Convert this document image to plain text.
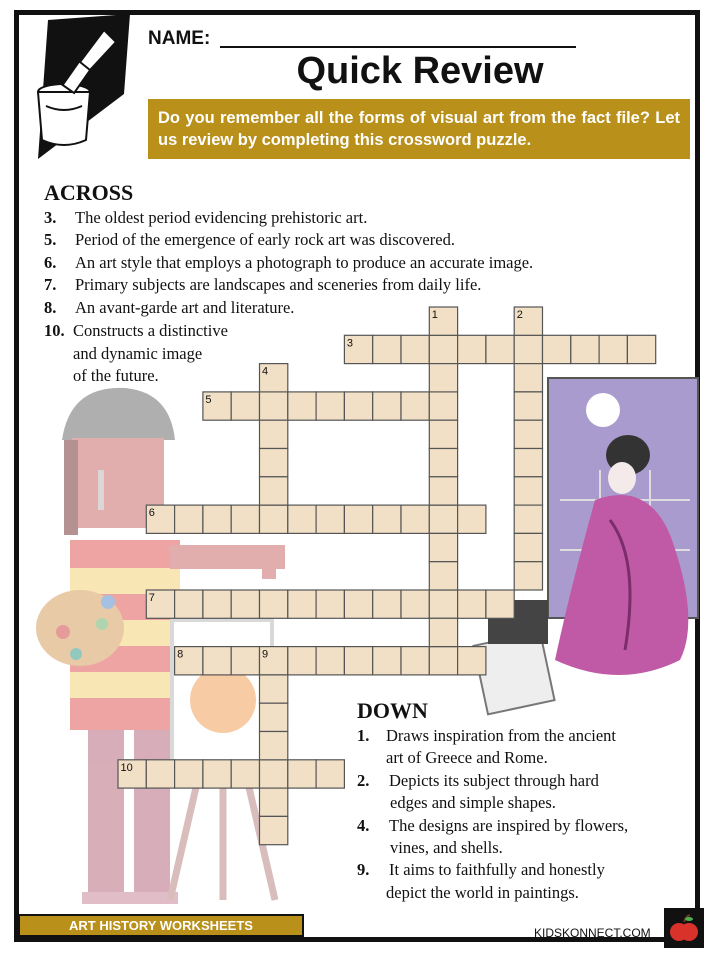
3
5
6
7
8
10
1	2
4
9
NAME:
Quick Review
Do you remember all the forms of visual art from the fact file? Let us review by completing this crossword puzzle.
ACROSS
3. The oldest period evidencing prehistoric art.
5. Period of the emergence of early rock art was discovered.
6. An art style that employs a photograph to produce an accurate image.
7. Primary subjects are landscapes and sceneries from daily life.
8. An avant-garde art and literature.
10. Constructs a distinctive
and dynamic image
of the future.
DOWN
1. Draws inspiration from the ancient
art of Greece and Rome.
2. Depicts its subject through hard
edges and simple shapes.
4. The designs are inspired by flowers,
vines, and shells.
9. It aims to faithfully and honestly
depict the world in paintings.
ART HISTORY WORKSHEETS	KIDSKONNECT.COM
